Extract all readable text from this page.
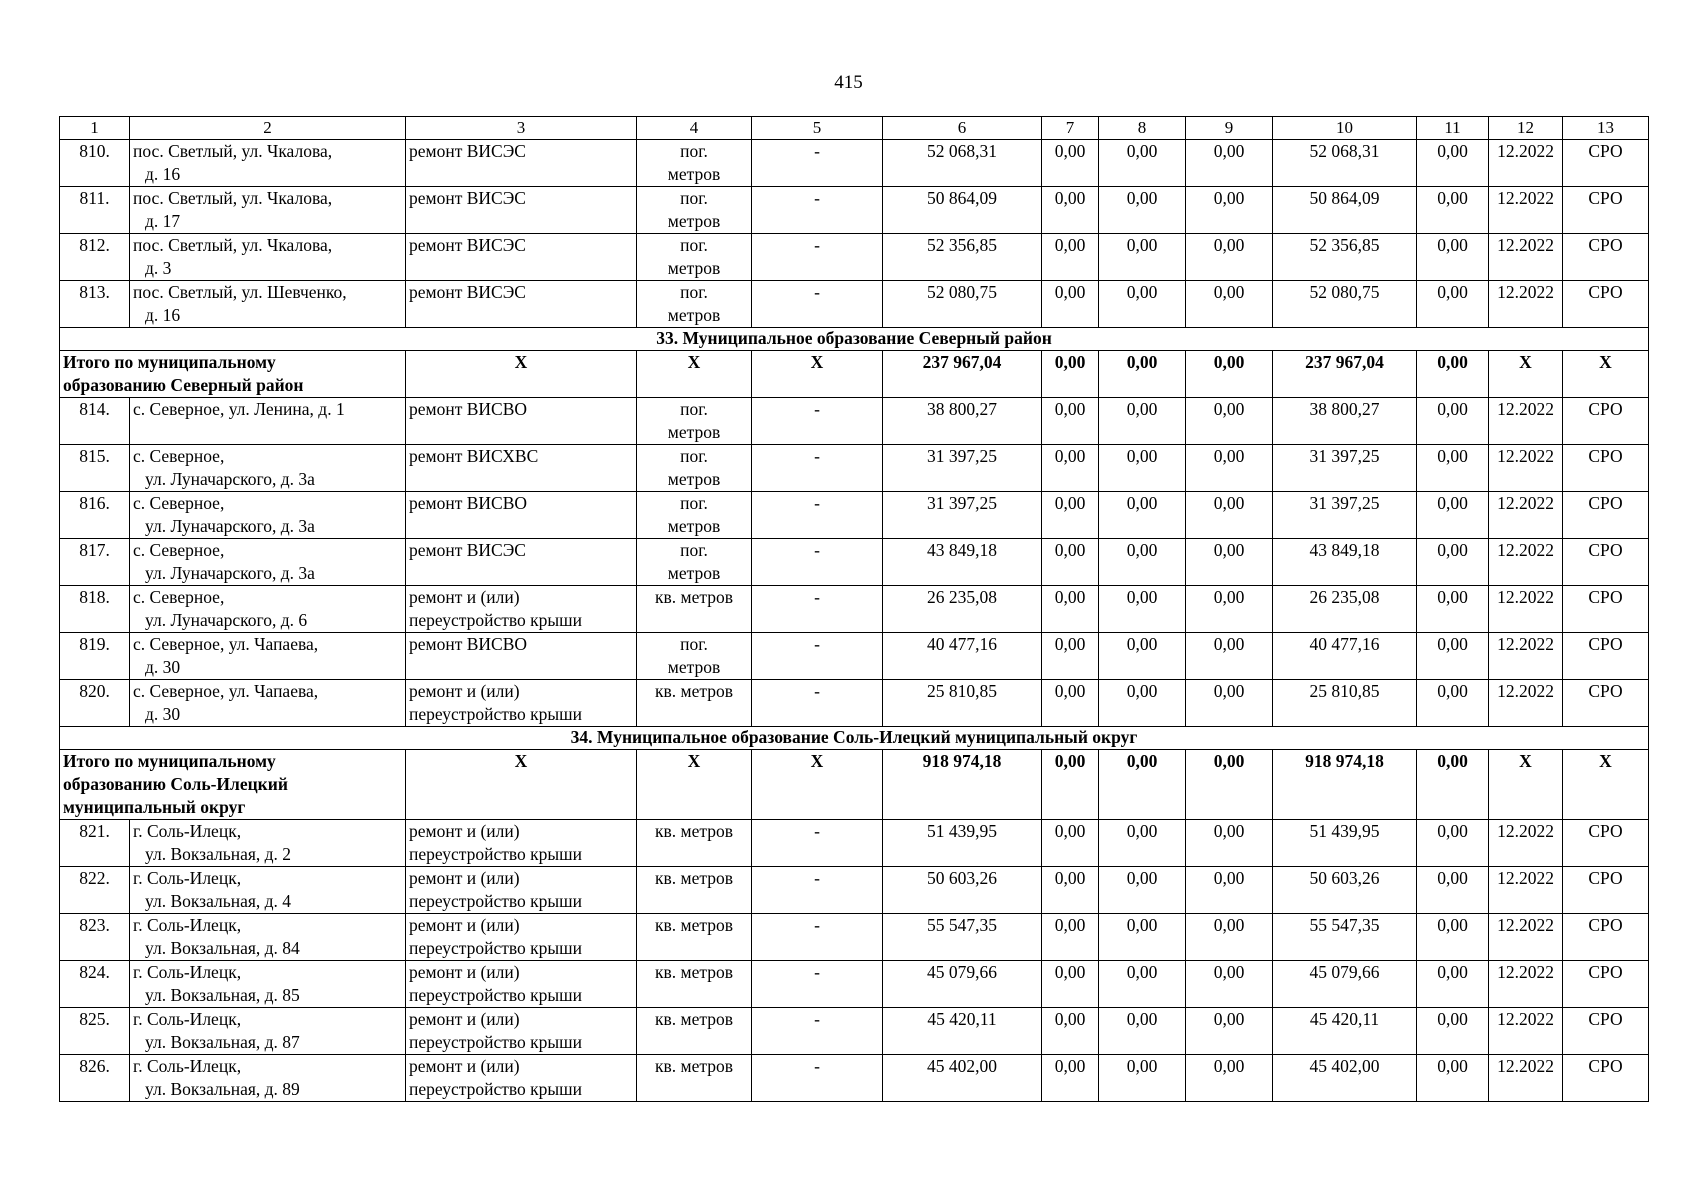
415
1	2	3	4	5	6	7	8	9	10	11	12	13
810.	пос. Светлый, ул. Чкалова,
д. 16	ремонт ВИСЭС	пог.
метров	-	52 068,31	0,00	0,00	0,00	52 068,31	0,00	12.2022	СРО
811.	пос. Светлый, ул. Чкалова,
д. 17	ремонт ВИСЭС	пог.
метров	-	50 864,09	0,00	0,00	0,00	50 864,09	0,00	12.2022	СРО
812.	пос. Светлый, ул. Чкалова,
д. 3	ремонт ВИСЭС	пог.
метров	-	52 356,85	0,00	0,00	0,00	52 356,85	0,00	12.2022	СРО
813.	пос. Светлый, ул. Шевченко,
д. 16	ремонт ВИСЭС	пог.
метров	-	52 080,75	0,00	0,00	0,00	52 080,75	0,00	12.2022	СРО
33. Муниципальное образование Северный район												

Итого по муниципальному
образованию Северный район		X	X	X	237 967,04	0,00	0,00	0,00	237 967,04	0,00	X	X
814.	с. Северное, ул. Ленина, д. 1	ремонт ВИСВО	пог.
метров	-	38 800,27	0,00	0,00	0,00	38 800,27	0,00	12.2022	СРО
815.	с. Северное,
ул. Луначарского, д. 3а	ремонт ВИСХВС	пог.
метров	-	31 397,25	0,00	0,00	0,00	31 397,25	0,00	12.2022	СРО
816.	с. Северное,
ул. Луначарского, д. 3а	ремонт ВИСВО	пог.
метров	-	31 397,25	0,00	0,00	0,00	31 397,25	0,00	12.2022	СРО
817.	с. Северное,
ул. Луначарского, д. 3а	ремонт ВИСЭС	пог.
метров	-	43 849,18	0,00	0,00	0,00	43 849,18	0,00	12.2022	СРО
818.	с. Северное,
ул. Луначарского, д. 6	ремонт и (или)
переустройство крыши	кв. метров	-	26 235,08	0,00	0,00	0,00	26 235,08	0,00	12.2022	СРО
819.	с. Северное, ул. Чапаева,
д. 30	ремонт ВИСВО	пог.
метров	-	40 477,16	0,00	0,00	0,00	40 477,16	0,00	12.2022	СРО
820.	с. Северное, ул. Чапаева,
д. 30	ремонт и (или)
переустройство крыши	кв. метров	-	25 810,85	0,00	0,00	0,00	25 810,85	0,00	12.2022	СРО
34. Муниципальное образование Соль-Илецкий муниципальный округ												

Итого по муниципальному
образованию Соль-Илецкий
муниципальный округ		X	X	X	918 974,18	0,00	0,00	0,00	918 974,18	0,00	X	X
821.	г. Соль-Илецк,
ул. Вокзальная, д. 2	ремонт и (или)
переустройство крыши	кв. метров	-	51 439,95	0,00	0,00	0,00	51 439,95	0,00	12.2022	СРО
822.	г. Соль-Илецк,
ул. Вокзальная, д. 4	ремонт и (или)
переустройство крыши	кв. метров	-	50 603,26	0,00	0,00	0,00	50 603,26	0,00	12.2022	СРО
823.	г. Соль-Илецк,
ул. Вокзальная, д. 84	ремонт и (или)
переустройство крыши	кв. метров	-	55 547,35	0,00	0,00	0,00	55 547,35	0,00	12.2022	СРО
824.	г. Соль-Илецк,
ул. Вокзальная, д. 85	ремонт и (или)
переустройство крыши	кв. метров	-	45 079,66	0,00	0,00	0,00	45 079,66	0,00	12.2022	СРО
825.	г. Соль-Илецк,
ул. Вокзальная, д. 87	ремонт и (или)
переустройство крыши	кв. метров	-	45 420,11	0,00	0,00	0,00	45 420,11	0,00	12.2022	СРО
826.	г. Соль-Илецк,
ул. Вокзальная, д. 89	ремонт и (или)
переустройство крыши	кв. метров	-	45 402,00	0,00	0,00	0,00	45 402,00	0,00	12.2022	СРО
